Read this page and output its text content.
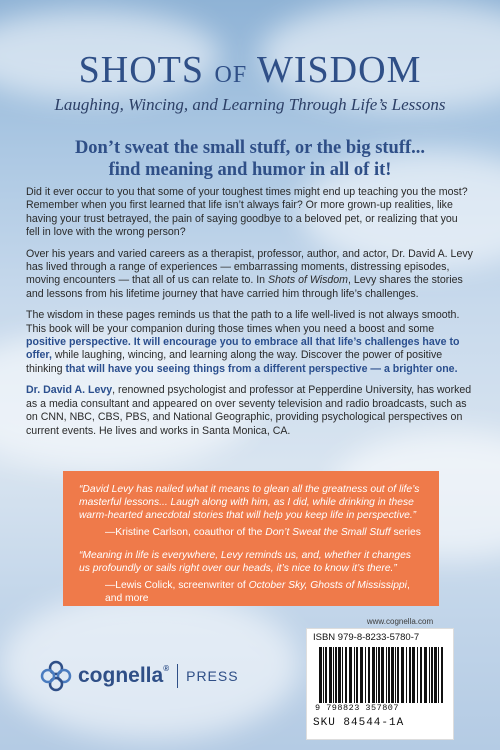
SHOTS OF WISDOM
Laughing, Wincing, and Learning Through Life’s Lessons
Don’t sweat the small stuff, or the big stuff...
find meaning and humor in all of it!

Did it ever occur to you that some of your toughest times might end up teaching you the most? Remember when you first learned that life isn’t always fair? Or more grown-up realities, like having your trust betrayed, the pain of saying goodbye to a beloved pet, or realizing that you fell in love with the wrong person?

Over his years and varied careers as a therapist, professor, author, and actor, Dr. David A. Levy has lived through a range of experiences — embarrassing moments, distressing episodes, moving encounters — that all of us can relate to. In Shots of Wisdom, Levy shares the stories and lessons from his lifetime journey that have carried him through life’s challenges.

The wisdom in these pages reminds us that the path to a life well-lived is not always smooth. This book will be your companion during those times when you need a boost and some positive perspective. It will encourage you to embrace all that life’s challenges have to offer, while laughing, wincing, and learning along the way. Discover the power of positive thinking that will have you seeing things from a different perspective — a brighter one.

Dr. David A. Levy, renowned psychologist and professor at Pepperdine University, has worked as a media consultant and appeared on over seventy television and radio broadcasts, such as on CNN, NBC, CBS, PBS, and National Geographic, providing psychological perspectives on current events. He lives and works in Santa Monica, CA.

“David Levy has nailed what it means to glean all the greatness out of life’s masterful lessons... Laugh along with him, as I did, while drinking in these warm-hearted anecdotal stories that will help you keep life in perspective.”

—Kristine Carlson, coauthor of the Don’t Sweat the Small Stuff series

“Meaning in life is everywhere, Levy reminds us, and, whether it changes us profoundly or sails right over our heads, it’s nice to know it’s there.”

—Lewis Colick, screenwriter of October Sky, Ghosts of Mississippi, and more

www.cognella.com
cognella® PRESS
ISBN 979-8-8233-5780-7
9 798823 357807
SKU 84544-1A
